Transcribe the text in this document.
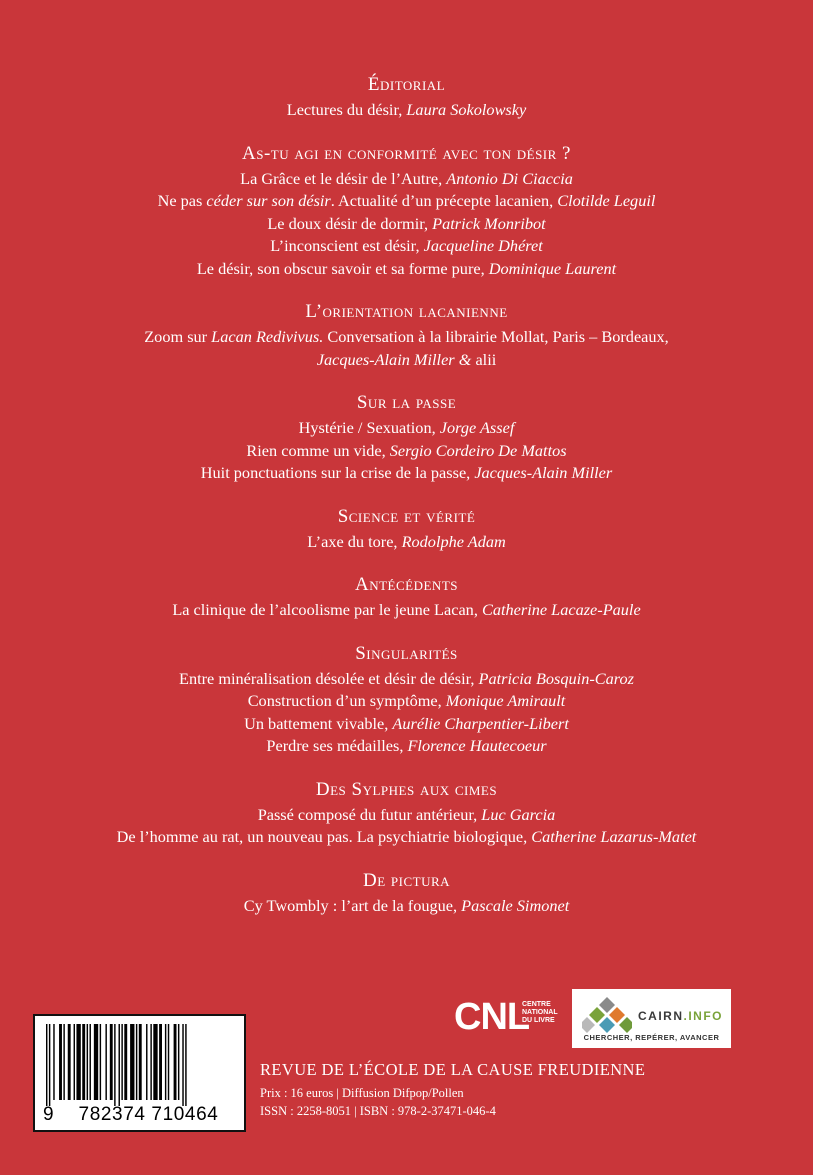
Éditorial
Lectures du désir, Laura Sokolowsky
As-tu agi en conformité avec ton désir ?
La Grâce et le désir de l’Autre, Antonio Di Ciaccia
Ne pas céder sur son désir. Actualité d’un précepte lacanien, Clotilde Leguil
Le doux désir de dormir, Patrick Monribot
L’inconscient est désir, Jacqueline Dhéret
Le désir, son obscur savoir et sa forme pure, Dominique Laurent
L’orientation lacanienne
Zoom sur Lacan Redivivus. Conversation à la librairie Mollat, Paris – Bordeaux,
Jacques-Alain Miller & alii
Sur la passe
Hystérie / Sexuation, Jorge Assef
Rien comme un vide, Sergio Cordeiro De Mattos
Huit ponctuations sur la crise de la passe, Jacques-Alain Miller
Science et vérité
L’axe du tore, Rodolphe Adam
Antécédents
La clinique de l’alcoolisme par le jeune Lacan, Catherine Lacaze-Paule
Singularités
Entre minéralisation désolée et désir de désir, Patricia Bosquin-Caroz
Construction d’un symptôme, Monique Amirault
Un battement vivable, Aurélie Charpentier-Libert
Perdre ses médailles, Florence Hautecoeur
Des Sylphes aux cimes
Passé composé du futur antérieur, Luc Garcia
De l’homme au rat, un nouveau pas. La psychiatrie biologique, Catherine Lazarus-Matet
De pictura
Cy Twombly : l’art de la fougue, Pascale Simonet
9 782374 710464
CNL
CENTRE
NATIONAL
DU LIVRE	CAIRN.INFO
CHERCHER, REPÉRER, AVANCER
REVUE DE L’ÉCOLE DE LA CAUSE FREUDIENNE
Prix : 16 euros | Diffusion Difpop/Pollen
ISSN : 2258-8051 | ISBN : 978-2-37471-046-4
